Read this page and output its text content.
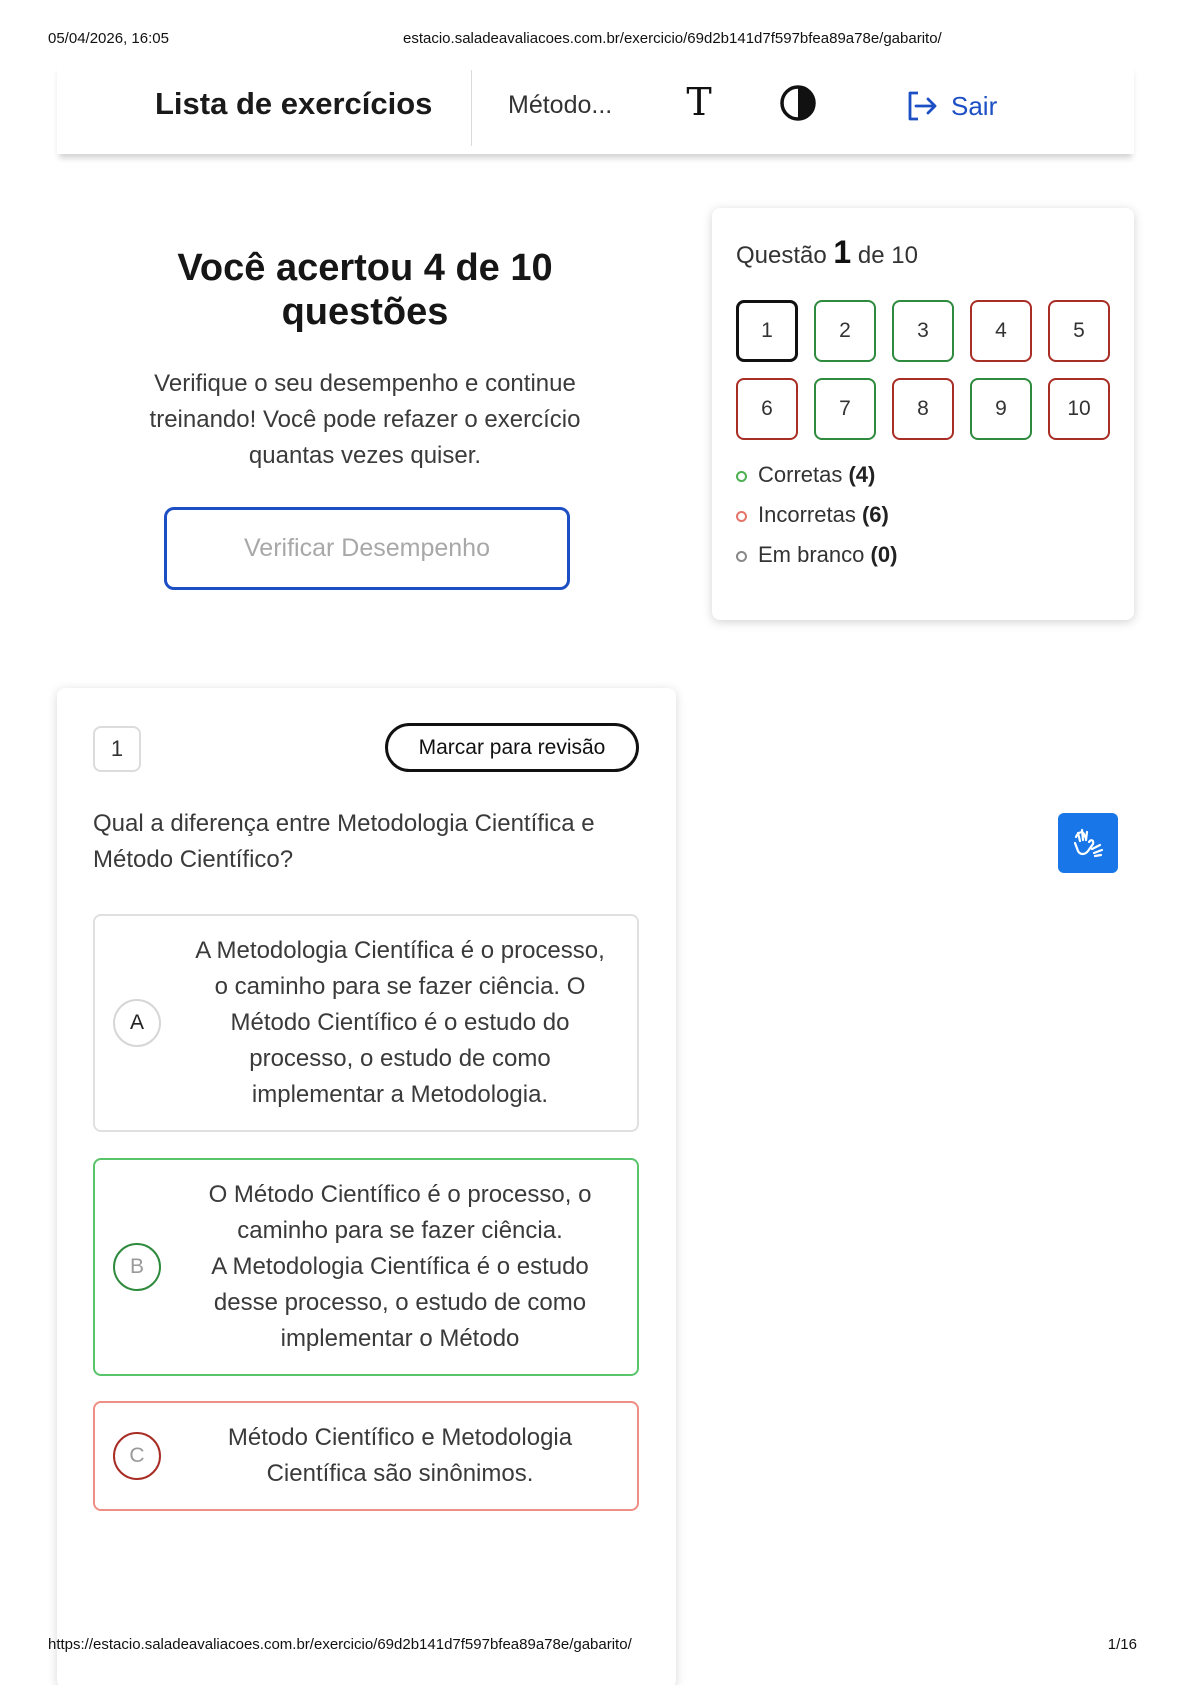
05/04/2026, 16:05	estacio.saladeavaliacoes.com.br/exercicio/69d2b141d7f597bfea89a78e/gabarito/
Lista de exercícios	Método... T	Sair
Você acertou 4 de 10 questões
Verifique o seu desempenho e continue treinando! Você pode refazer o exercício quantas vezes quiser.
Verificar Desempenho
Questão 1 de 10
1	2	3	4	5
6	7	8	9	10
Corretas (4)
Incorretas (6)
Em branco (0)
1	Marcar para revisão
Qual a diferença entre Metodologia Científica e Método Científico?
A
A Metodologia Científica é o processo,
o caminho para se fazer ciência. O
Método Científico é o estudo do
processo, o estudo de como
implementar a Metodologia.
B
O Método Científico é o processo, o
caminho para se fazer ciência.
A Metodologia Científica é o estudo
desse processo, o estudo de como
implementar o Método
C
Método Científico e Metodologia
Científica são sinônimos.
https://estacio.saladeavaliacoes.com.br/exercicio/69d2b141d7f597bfea89a78e/gabarito/	1/16
